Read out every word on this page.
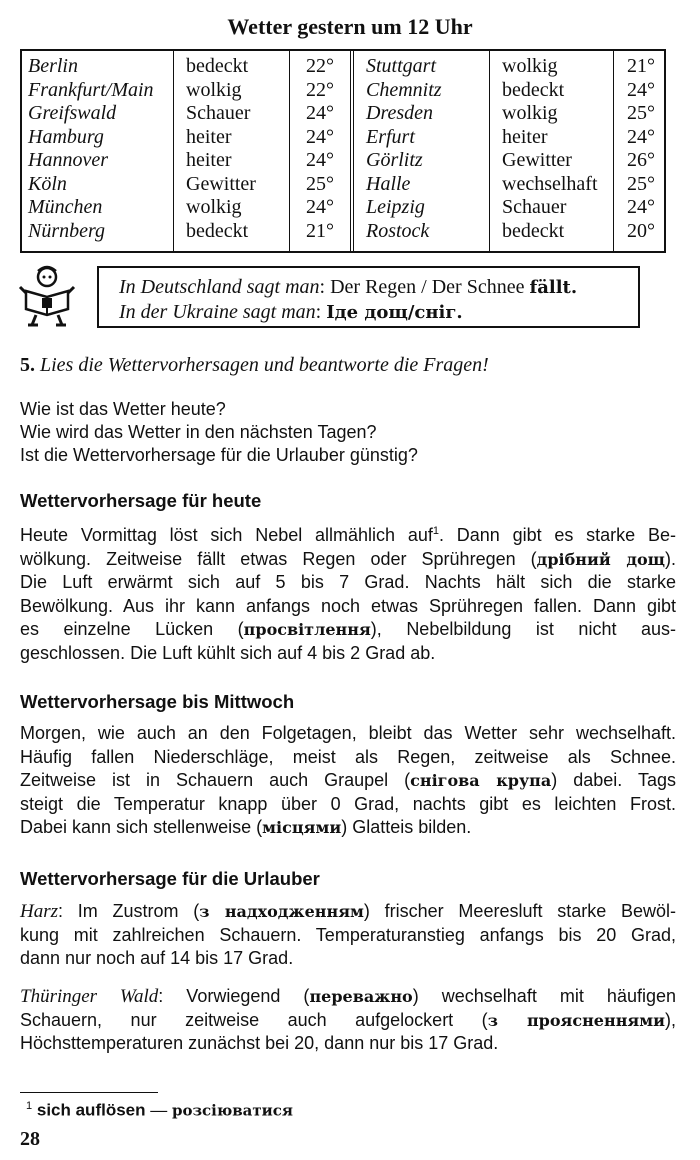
Wetter gestern um 12 Uhr
Berlin
Frankfurt/Main
Greifswald
Hamburg
Hannover
Köln
München
Nürnberg
bedeckt
wolkig
Schauer
heiter
heiter
Gewitter
wolkig
bedeckt
22°
22°
24°
24°
24°
25°
24°
21°
Stuttgart
Chemnitz
Dresden
Erfurt
Görlitz
Halle
Leipzig
Rostock
wolkig
bedeckt
wolkig
heiter
Gewitter
wechselhaft
Schauer
bedeckt
21°
24°
25°
24°
26°
25°
24°
20°
In Deutschland sagt man: Der Regen / Der Schnee fällt.
In der Ukraine sagt man: Іде дощ/сніг.
5. Lies die Wettervorhersagen und beantworte die Fragen!
Wie ist das Wetter heute?
Wie wird das Wetter in den nächsten Tagen?
Ist die Wettervorhersage für die Urlauber günstig?
Wettervorhersage für heute
Heute Vormittag löst sich Nebel allmählich auf$^1$. Dann gibt es starke Be-
wölkung. Zeitweise fällt etwas Regen oder Sprühregen (дрібний дощ).
Die Luft erwärmt sich auf 5 bis 7 Grad. Nachts hält sich die starke
Bewölkung. Aus ihr kann anfangs noch etwas Sprühregen fallen. Dann gibt
es einzelne Lücken (просвітлення), Nebelbildung ist nicht aus-
geschlossen. Die Luft kühlt sich auf 4 bis 2 Grad ab.
Wettervorhersage bis Mittwoch
Morgen, wie auch an den Folgetagen, bleibt das Wetter sehr wechselhaft.
Häufig fallen Niederschläge, meist als Regen, zeitweise als Schnee.
Zeitweise ist in Schauern auch Graupel (снігова крупа) dabei. Tags
steigt die Temperatur knapp über 0 Grad, nachts gibt es leichten Frost.
Dabei kann sich stellenweise (місцями) Glatteis bilden.
Wettervorhersage für die Urlauber
Harz: Im Zustrom (з надходженням) frischer Meeresluft starke Bewöl-
kung mit zahlreichen Schauern. Temperaturanstieg anfangs bis 20 Grad,
dann nur noch auf 14 bis 17 Grad.
Thüringer Wald: Vorwiegend (переважно) wechselhaft mit häufigen
Schauern, nur zeitweise auch aufgelockert (з проясненнями),
Höchsttemperaturen zunächst bei 20, dann nur bis 17 Grad.
$^1$ sich auflösen — розсіюватися
28
